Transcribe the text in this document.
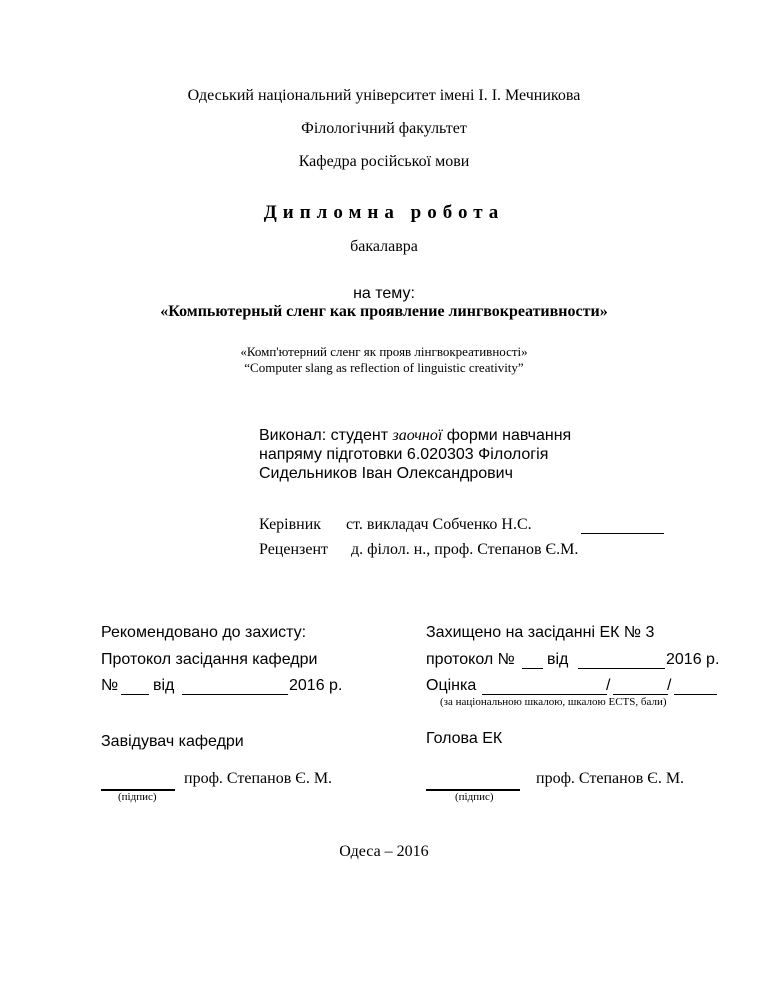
Одеський національний університет імені І. І. Мечникова
Філологічний факультет
Кафедра російської мови
Дипломна робота
бакалавра
на тему:
«Компьютерный сленг как проявление лингвокреативности»
«Комп'ютерний сленг як прояв лінгвокреативності»
“Computer slang as reflection of linguistic creativity”
Виконал: студент заочної форми навчання
напряму підготовки 6.020303 Філологія
Сидельников Іван Олександрович
Керівник ст. викладач Собченко Н.С.
Рецензент д. філол. н., проф. Степанов Є.М.
Рекомендовано до захисту:
Протокол засідання кафедри
№ від	2016 р.
Завідувач кафедри
проф. Степанов Є. М.
(підпис)
Захищено на засіданні ЕК № 3
протокол № від	2016 р.
Оцінка	/	/
(за національною шкалою, шкалою ECTS, бали)
Голова ЕК
проф. Степанов Є. М.
(підпис)
Одеса – 2016
